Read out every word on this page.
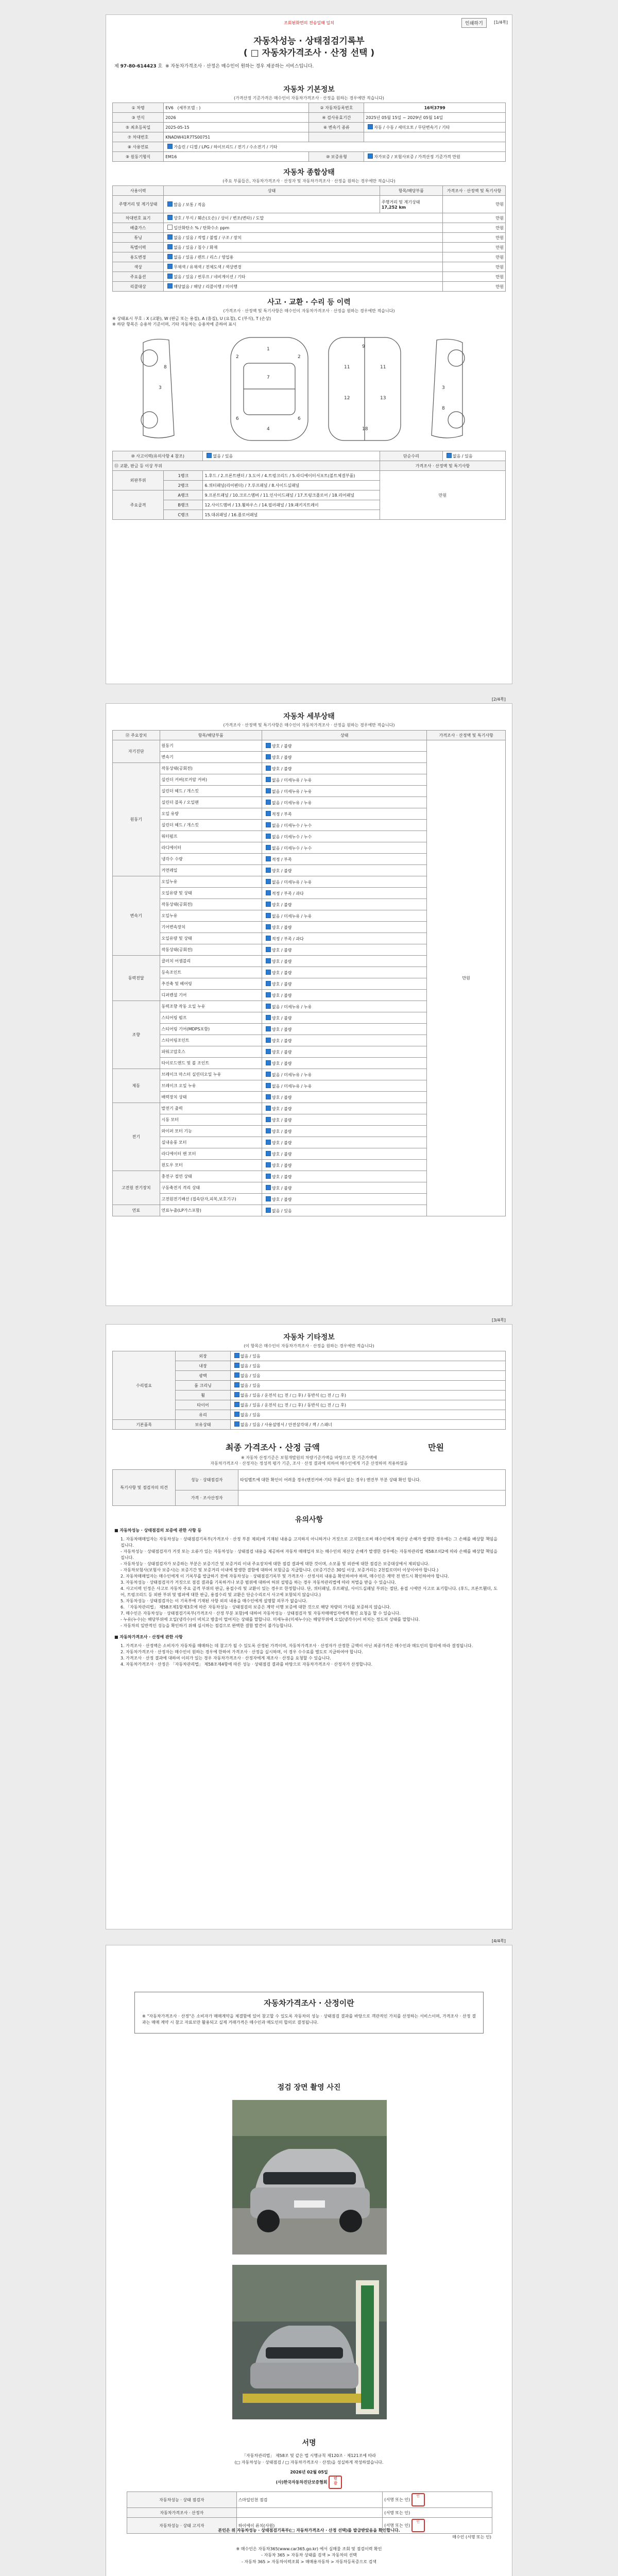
인쇄하기	[1/4쪽]
조회된화면의 전송일때 일치
자동차성능 · 상태점검기록부
( □ 자동차가격조사 · 산정 선택 )
제 97-80-614423 호 ※ 자동차가격조사 · 산정은 매수인이 원하는 경우 제공하는 서비스입니다.
자동차 기본정보
(가격산정 기준가격은 매수인이 자동차가격조사 · 산정을 원하는 경우에만 적습니다)
① 차명	EV6 (세부모델 : )	② 자동차등록번호	16허3799
③ 연식	2026	④ 검사유효기간	2025년 05월 15일 ~ 2029년 05월 14일
⑤ 최초등록일	2025-05-15	⑥ 변속기 종류	자동 / 수동 / 세미오토 / 무단변속기 / 기타
⑦ 차대번호	KNADW41R7TS00751		
⑧ 사용연료	가솔린 / 디젤 / LPG / 하이브리드 / 전기 / 수소전기 / 기타		
⑨ 원동기형식	EM16	⑩ 보증유형	자가보증 / 보험사보증 / 가격산정 기준가격 만원
자동차 종합상태
(주요 부품들은, 자동차가격조사 · 산정자 및 자동차가격조사 · 산정을 원하는 경우에만 적습니다)
사용이력	상태	항목/해당부품	가격조사 · 산정액 및 특기사항
주행거리 및 계기상태	많음 / 보통 / 적음	주행거리 및 계기상태
17,252 km	만원
차대번호 표기	양호 / 부식 / 훼손(오손) / 상이 / 변조(변타) / 도말		만원
배출가스	일산화탄소 % / 탄화수소 ppm		만원
튜닝	없음 / 있음 / 적법 / 불법 / 구조 / 장치		만원
특별이력	없음 / 있음 / 침수 / 화재		만원
용도변경	없음 / 있음 / 렌트 / 리스 / 영업용		만원
색상	무채색 / 유채색 / 전체도색 / 색상변경		만원
주요옵션	없음 / 있음 / 썬루프 / 네비게이션 / 기타		만원
리콜대상	해당없음 / 해당 / 리콜이행 / 미이행		만원
사고 · 교환 · 수리 등 이력
(가격조사 · 산정액 및 특기사항은 매수인이 자동차가격조사 · 산정을 원하는 경우에만 적습니다)
※ 상태표시 부호 : X (교환), W (판금 또는 용접), A (흠집), U (요철), C (부식), T (손상)
※ 하단 항목은 승용차 기준이며, 기타 자동차는 승용차에 준하여 표시
1
4
7
2	2
6	6
9
11	11
12	13
18
3	3
8
8
⑩ 사고이력(유의사항 4 참조)		없음 / 있음	단순수리	없음 / 있음
⑪ 교환, 판금 등 이상 부위			가격조사 · 산정액 및 특기사항	
외판부위	1랭크	1.후드 / 2.프론트펜더 / 3.도어 / 4.트렁크리드 / 5.라디에이터서포트(볼트체결부품)	만원	
	2랭크	6.쿼터패널(리어펜더) / 7.루프패널 / 8.사이드실패널		
주요골격	A랭크	9.프론트패널 / 10.크로스멤버 / 11.인사이드패널 / 17.트렁크플로어 / 18.리어패널		
	B랭크	12.사이드멤버 / 13.휠하우스 / 14.필러패널 / 19.패키지트레이		
	C랭크	15.대쉬패널 / 16.플로어패널		
[2/4쪽]
자동차 세부상태
(가격조사 · 산정액 및 특기사항은 매수인이 자동차가격조사 · 산정을 원하는 경우에만 적습니다)
⑫ 주요장치	항목/해당부품	상태	가격조사 · 산정액 및 특기사항
자기진단	원동기	양호 / 불량	만원
	변속기	양호 / 불량	
원동기	작동상태(공회전)	양호 / 불량	
	실린더 커버(로커암 커버)	없음 / 미세누유 / 누유	
	실린더 헤드 / 개스킷	없음 / 미세누유 / 누유	
	실린더 블록 / 오일팬	없음 / 미세누유 / 누유	
	오일 유량	적정 / 부족	
	실린더 헤드 / 개스킷	없음 / 미세누수 / 누수	
	워터펌프	없음 / 미세누수 / 누수	
	라디에이터	없음 / 미세누수 / 누수	
	냉각수 수량	적정 / 부족	
	커먼레일	양호 / 불량	
변속기	오일누유	없음 / 미세누유 / 누유	
	오일유량 및 상태	적정 / 부족 / 과다	
	작동상태(공회전)	양호 / 불량	
	오일누유	없음 / 미세누유 / 누유	
	기어변속장치	양호 / 불량	
	오일유량 및 상태	적정 / 부족 / 과다	
	작동상태(공회전)	양호 / 불량	
동력전달	클러치 어셈블리	양호 / 불량	
	등속조인트	양호 / 불량	
	추진축 및 베어링	양호 / 불량	
	디퍼렌셜 기어	양호 / 불량	
조향	동력조향 작동 오일 누유	없음 / 미세누유 / 누유	
	스티어링 펌프	양호 / 불량	
	스티어링 기어(MDPS포함)	양호 / 불량	
	스티어링조인트	양호 / 불량	
	파워고압호스	양호 / 불량	
	타이로드엔드 및 볼 조인트	양호 / 불량	
제동	브레이크 마스터 실린더오일 누유	없음 / 미세누유 / 누유	
	브레이크 오일 누유	없음 / 미세누유 / 누유	
	배력장치 상태	양호 / 불량	
전기	발전기 출력	양호 / 불량	
	시동 모터	양호 / 불량	
	와이퍼 모터 기능	양호 / 불량	
	실내송풍 모터	양호 / 불량	
	라디에이터 팬 모터	양호 / 불량	
	윈도우 모터	양호 / 불량	
고전원 전기장치	충전구 절연 상태	양호 / 불량	
	구동축전지 격리 상태	양호 / 불량	
	고전원전기배선 (접속단자,피복,보호기구)	양호 / 불량	
연료	연료누출(LP가스포함)	없음 / 있음	
[3/4쪽]
자동차 기타정보
(이 항목은 매수인이 자동차가격조사 · 산정을 원하는 경우에만 적습니다)
수리필요	외장	없음 / 있음
	내장	없음 / 있음
	광택	없음 / 있음
	룸 크리닝	없음 / 있음
	휠	없음 / 있음 / 운전석 (□ 전 / □ 후) / 동반석 (□ 전 / □ 후)
	타이어	없음 / 있음 / 운전석 (□ 전 / □ 후) / 동반석 (□ 전 / □ 후)
	유리	없음 / 있음
기본품목	보유상태	없음 / 있음 / 사용설명서 / 안전삼각대 / 잭 / 스패너
최종 가격조사 · 산정 금액	만원
※ 자동차 산정기준은 보험개발원의 차량기준가액을 바탕으로 한 기준가액에
자동차가격조사 · 산정자는 정성적 평가 기준, 조사 · 산정 결과에 의하여 매수인에게 기준 산정하며 적용하였음
특기사항 및 점검자의 의견	성능 · 상태점검자	타임벨트에 대한 확인이 어려울 경우(엔진커버·기타 부품이 없는 경우) 엔진부 부분 상태 확인 합니다.
	가격 · 조사산정자	
유의사항
■ 자동차성능 · 상태점검의 보증에 관한 사항 등
1. 자동차매매업자는 자동차성능 · 상태점검기록부(가격조사 · 산정 부분 제외)에 기재된 내용을 고지하지 아니하거나 거짓으로 고지함으로써 매수인에게 재산상 손해가 발생한 경우에는 그 손해를 배상할 책임을 집니다.
- 자동차성능 · 상태점검자가 거짓 또는 오류가 있는 자동차성능 · 상태점검 내용을 제공하여 자동차 매매업자 또는 매수인의 재산상 손해가 발생한 경우에는 자동차관리법 제58조의2에 따라 손해를 배상할 책임을 집니다.
- 자동차성능 · 상태점검자가 보증하는 부분은 보증기간 및 보증거리 이내 주요장치에 대한 점검 결과에 대한 것이며, 소모품 및 외관에 대한 점검은 보증대상에서 제외됩니다.
- 자동차보험사(보험사 보증시)는 보증기간 및 보증거리 이내에 발생한 결함에 대하여 보험금을 지급합니다. (보증기간은 30일 이상, 보증거리는 2천킬로미터 이상이어야 합니다.)
2. 자동차매매업자는 매수인에게 이 기록부를 발급하기 전에 자동차성능 · 상태점검기록부 및 가격조사 · 산정서의 내용을 확인하여야 하며, 매수인은 계약 전 반드시 확인하여야 합니다.
3. 자동차성능 · 상태점검자가 거짓으로 점검 결과를 기록하거나 보증 범위에 대하여 허위 설명을 하는 경우 자동차관리법에 따라 처벌을 받을 수 있습니다.
4. 사고이력 인정은 사고로 자동차 주요 골격 부위의 판금, 용접수리 및 교환이 있는 경우로 한정합니다. 단, 쿼터패널, 루프패널, 사이드실패널 부위는 절단, 용접 시에만 사고로 표기합니다. (후드, 프론트휀더, 도어, 트렁크리드 등 외판 부위 및 범퍼에 대한 판금, 용접수리 및 교환은 단순수리로서 사고에 포함되지 않습니다.)
5. 자동차성능 · 상태점검자는 이 기록부에 기재된 사항 외의 내용을 매수인에게 설명할 의무가 없습니다.
6. 「자동차관리법」 제58조제1항제3호에 따른 자동차성능 · 상태점검의 보증은 계약 이행 보증에 대한 것으로 해당 차량의 가치를 보증하지 않습니다.
7. 매수인은 자동차성능 · 상태점검기록부(가격조사 · 산정 부분 포함)에 대하여 자동차성능 · 상태점검자 및 자동차매매업자에게 확인 요청을 할 수 있습니다.
- 누유(누수)는 해당부위에 오일(냉각수)이 비치고 방울이 떨어지는 상태를 말합니다. 미세누유(미세누수)는 해당부위에 오일(냉각수)이 비치는 정도의 상태를 말합니다.
- 자동차의 일반적인 성능을 확인하기 위해 실시하는 점검으로 완벽한 결함 발견이 불가능합니다.
■ 자동차가격조사 · 산정에 관한 사항
1. 가격조사 · 산정액은 소비자가 자동차를 매매하는 데 참고가 될 수 있도록 산정된 가격이며, 자동차가격조사 · 산정자가 산정한 금액이 아닌 최종가격은 매수인과 매도인의 합의에 따라 결정됩니다.
2. 자동차가격조사 · 산정자는 매수인이 원하는 경우에 한하여 가격조사 · 산정을 실시하며, 이 경우 수수료를 별도로 지급하여야 합니다.
3. 가격조사 · 산정 결과에 대하여 이의가 있는 경우 자동차가격조사 · 산정자에게 재조사 · 산정을 요청할 수 있습니다.
4. 자동차가격조사 · 산정은 「자동차관리법」 제58조제4항에 따른 성능 · 상태점검 결과를 바탕으로 자동차가격조사 · 산정자가 산정합니다.
[4/4쪽]
자동차가격조사 · 산정이란
※ "자동차가격조사 · 산정"은 소비자가 매매계약을 체결함에 있어 참고할 수 있도록 자동차의 성능 · 상태점검 결과를 바탕으로 객관적인 가치를 산정하는 서비스이며, 가격조사 · 산정 결과는 매매 계약 시 참고 자료로만 활용되고 실제 거래가격은 매수인과 매도인의 합의로 결정됩니다.
점검 장면 촬영 사진
서명
「자동차관리법」 제58조 및 같은 법 시행규칙 제120조 · 제121조에 따라
(□ 자동차성능 · 상태점검 / □ 자동차가격조사 · 산정)을 성실하게 작성하였습니다.
2026년 02월 05일
(사)한국자동차진단보증협회 인
감
자동차성능 · 상태 점검자	스마일인천 점검	(서명 또는 인) 인
자동차가격조사 · 산정자		(서명 또는 인)
자동차성능 · 상태 고지자	하이에이 류치(사원)	(서명 또는 인) 인
본인은 위 자동차성능 · 상태점검기록부(□ 자동차가격조사 · 산정 선택)를 발급받았음을 확인합니다.
매수인 (서명 또는 인)
※ 매수인은 자동차365(www.car365.go.kr) 에서 실매물 조회 및 점검이력 확인
- 자동차 365 > 자동차 상태를 검색 > 자동차의 선택
- 자동차 365 > 자동차이력조회 > 매매용자동차 > 자동차등록증으로 검색
